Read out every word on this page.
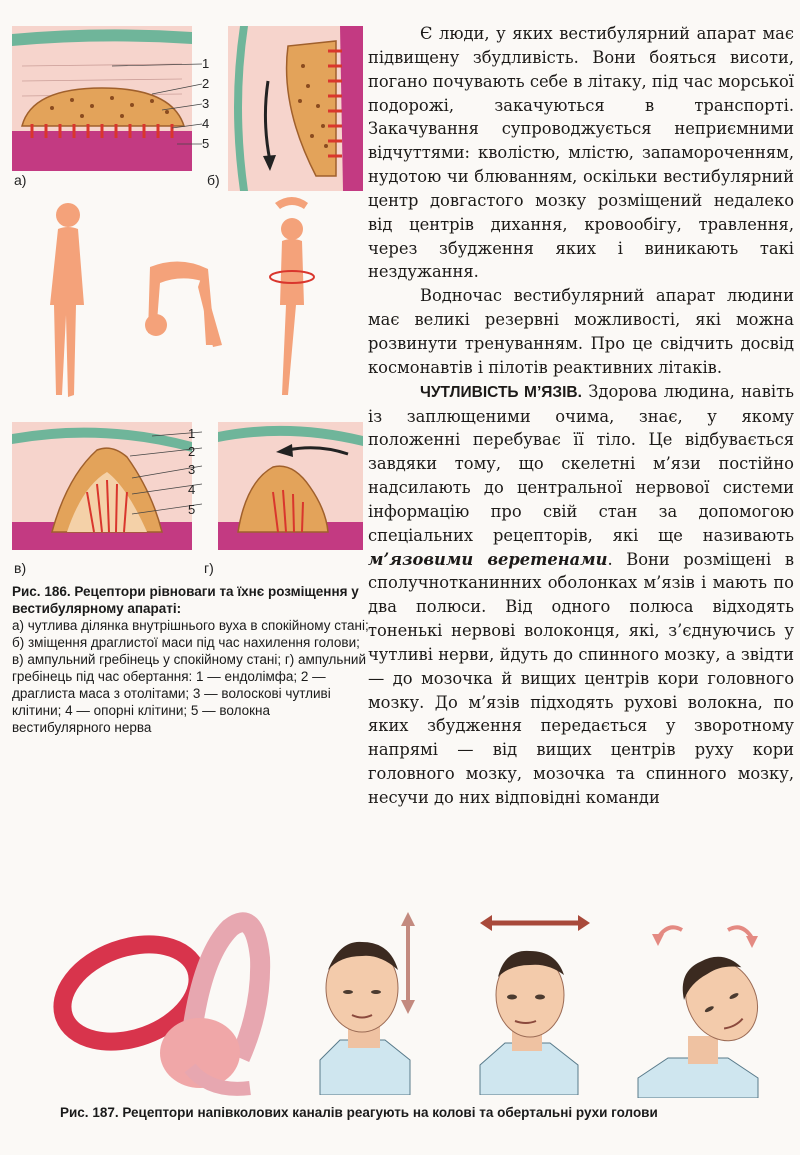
1
2
3
4
5
а)	б)
1
2
3
4
5
в)	г)
Рис. 186. Рецептори рівноваги та їхнє розміщення у вестибулярному апараті:
а) чутлива ділянка внутрішнього вуха в спокійному стані; б) зміщення драглистої маси під час нахилення голови; в) ампульний гребінець у спокійному стані; г) ампульний гребінець під час обертання: 1 — ендолімфа; 2 — драглиста маса з отолітами; 3 — волоскові чутливі клітини; 4 — опорні клітини; 5 — волокна вестибулярного нерва

Є люди, у яких вестибулярний апарат має підвищену збудливість. Вони бояться висоти, погано почувають себе в літаку, під час морської подорожі, закачуються в транспорті. Закачування супроводжується неприємними відчуттями: кволістю, млістю, запамороченням, нудотою чи блюванням, оскільки вестибулярний центр довгастого мозку розміщений недалеко від центрів дихання, кровообігу, травлення, через збудження яких і виникають такі нездужання.

Водночас вестибулярний апарат людини має великі резервні можливості, які можна розвинути тренуванням. Про це свідчить досвід космонавтів і пілотів реактивних літаків.

ЧУТЛИВІСТЬ М’ЯЗІВ. Здорова людина, навіть із заплющеними очима, знає, у якому положенні перебуває її тіло. Це відбувається завдяки тому, що скелетні м’язи постійно надсилають до центральної нервової системи інформацію про свій стан за допомогою спеціальних рецепторів, які ще називають м’язовими веретенами. Вони розміщені в сполучнотканинних оболонках м’язів і мають по два полюси. Від одного полюса відходять тоненькі нервові волоконця, які, з’єднуючись у чутливі нерви, йдуть до спинного мозку, а звідти — до мозочка й вищих центрів кори головного мозку. До м’язів підходять рухові волокна, по яких збудження передається у зворотному напрямі — від вищих центрів руху кори головного мозку, мозочка та спинного мозку, несучи до них відповідні команди

Рис. 187. Рецептори напівколових каналів реагують на колові та обертальні рухи голови
